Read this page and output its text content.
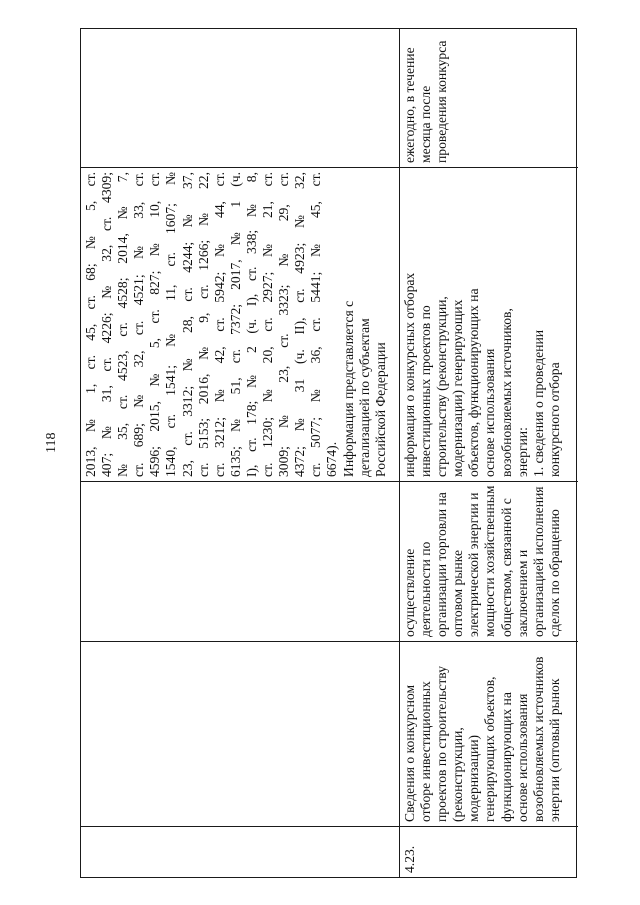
118 2013, № 1, ст. 45, ст. 68; № 5, ст. 407; № 31, ст. 4226; № 32, ст. 4309; № 35, ст. 4523, ст. 4528; 2014, № 7, ст. 689; № 32, ст. 4521; № 33, ст. 4596; 2015, № 5, ст. 827; № 10, ст. 1540, ст. 1541; № 11, ст. 1607; № 23, ст. 3312; № 28, ст. 4244; № 37, ст. 5153; 2016, № 9, ст. 1266; № 22, ст. 3212; № 42, ст. 5942; № 44, ст. 6135; № 51, ст. 7372; 2017, № 1 (ч. I), ст. 178; № 2 (ч. I), ст. 338; № 8, ст. 1230; № 20, ст. 2927; № 21, ст. 3009; № 23, ст. 3323; № 29, ст. 4372; № 31 (ч. II), ст. 4923; № 32, ст. 5077; № 36, ст. 5441; № 45, ст. 6674). Информация представляется с детализацией по субъектам Российской Федерации
4.23.
Сведения о конкурсном отборе инвестиционных проектов по строительству (реконструкции, модернизации) генерирующих объектов, функционирующих на основе использования возобновляемых источников энергии (оптовый рынок
осуществление деятельности по организации торговли на оптовом рынке электрической энергии и мощности хозяйственным обществом, связанной с заключением и организацией исполнения сделок по обращению
информация о конкурсных отборах инвестиционных проектов по строительству (реконструкции, модернизации) генерирующих объектов, функционирующих на основе использования возобновляемых источников, энергии: 1. сведения о проведении конкурсного отбора
ежегодно, в течение месяца после проведения конкурса
